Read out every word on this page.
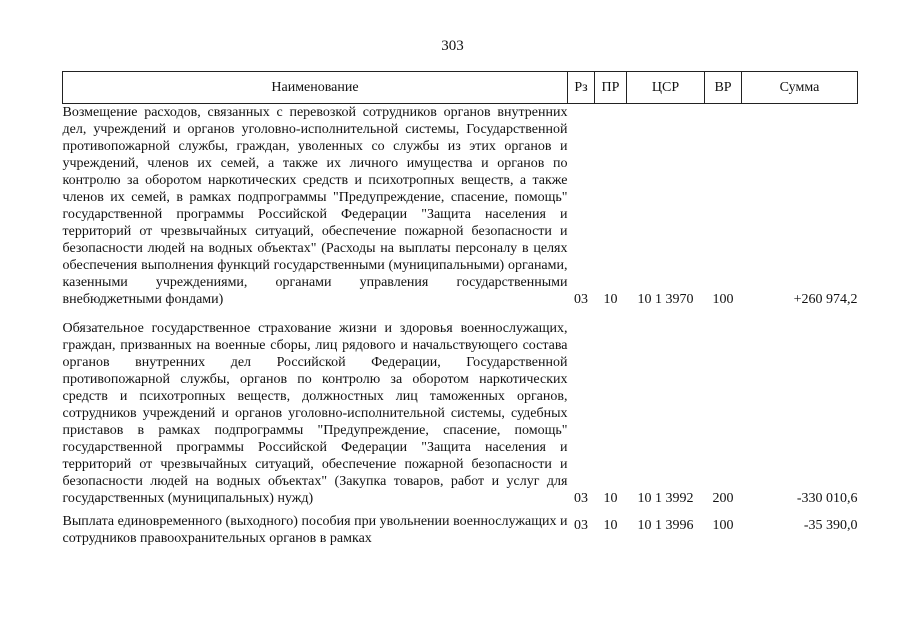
303
Наименование	Рз	ПР	ЦСР	ВР	Сумма
Возмещение расходов, связанных с перевозкой сотрудников органов внутренних дел, учреждений и органов уголовно-исполнительной системы, Государственной противопожарной службы, граждан, уволенных со службы из этих органов и учреждений, членов их семей, а также их личного имущества и органов по контролю за оборотом наркотических средств и психотропных веществ, а также членов их семей, в рамках подпрограммы "Предупреждение, спасение, помощь" государственной программы Российской Федерации "Защита населения и территорий от чрезвычайных ситуаций, обеспечение пожарной безопасности и безопасности людей на водных объектах" (Расходы на выплаты персоналу в целях обеспечения выполнения функций государственными (муниципальными) органами, казенными учреждениями, органами управления государственными внебюджетными фондами)	03	10	10 1 3970	100	+260 974,2

Обязательное государственное страхование жизни и здоровья военнослужащих, граждан, призванных на военные сборы, лиц рядового и начальствующего состава органов внутренних дел Российской Федерации, Государственной противопожарной службы, органов по контролю за оборотом наркотических средств и психотропных веществ, должностных лиц таможенных органов, сотрудников учреждений и органов уголовно-исполнительной системы, судебных приставов в рамках подпрограммы "Предупреждение, спасение, помощь" государственной программы Российской Федерации "Защита населения и территорий от чрезвычайных ситуаций, обеспечение пожарной безопасности и безопасности людей на водных объектах" (Закупка товаров, работ и услуг для государственных (муниципальных) нужд)	03	10	10 1 3992	200	-330 010,6
Выплата единовременного (выходного) пособия при увольнении военнослужащих и сотрудников правоохранительных органов в рамках	03	10	10 1 3996	100	-35 390,0
